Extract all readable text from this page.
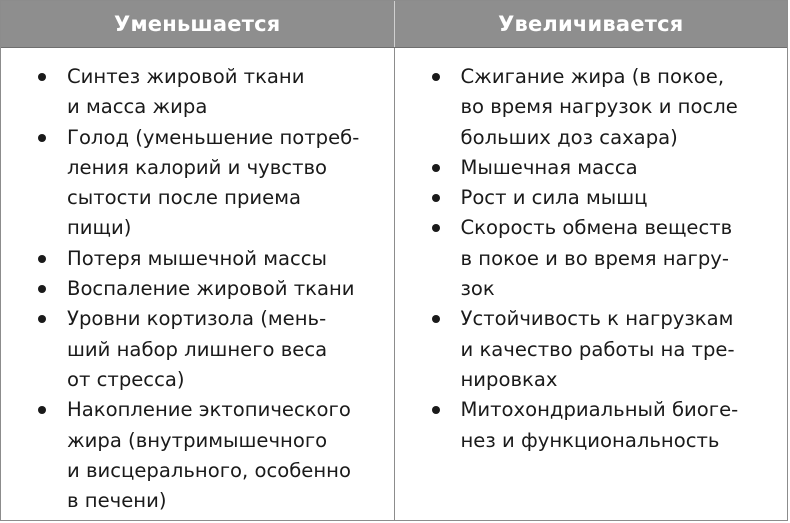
Уменьшается	Увеличивается
Синтез жировой ткани
и масса жира
Голод (уменьшение потреб-
ления калорий и чувство
сытости после приема
пищи)
Потеря мышечной массы
Воспаление жировой ткани
Уровни кортизола (мень-
ший набор лишнего веса
от стресса)
Накопление эктопического
жира (внутримышечного
и висцерального, особенно
в печени)
Сжигание жира (в покое,
во время нагрузок и после
больших доз сахара)
Мышечная масса
Рост и сила мышц
Скорость обмена веществ
в покое и во время нагру-
зок
Устойчивость к нагрузкам
и качество работы на тре-
нировках
Митохондриальный биоге-
нез и функциональность
